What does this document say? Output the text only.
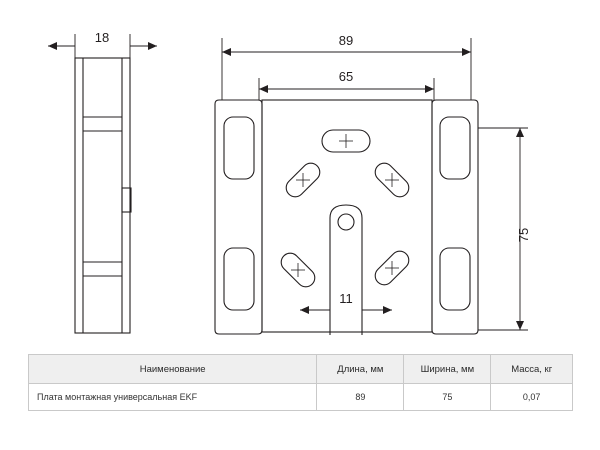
18	89
65
75
11
Наименование	Длина, мм	Ширина, мм	Масса, кг
Плата монтажная универсальная EKF	89	75	0,07
